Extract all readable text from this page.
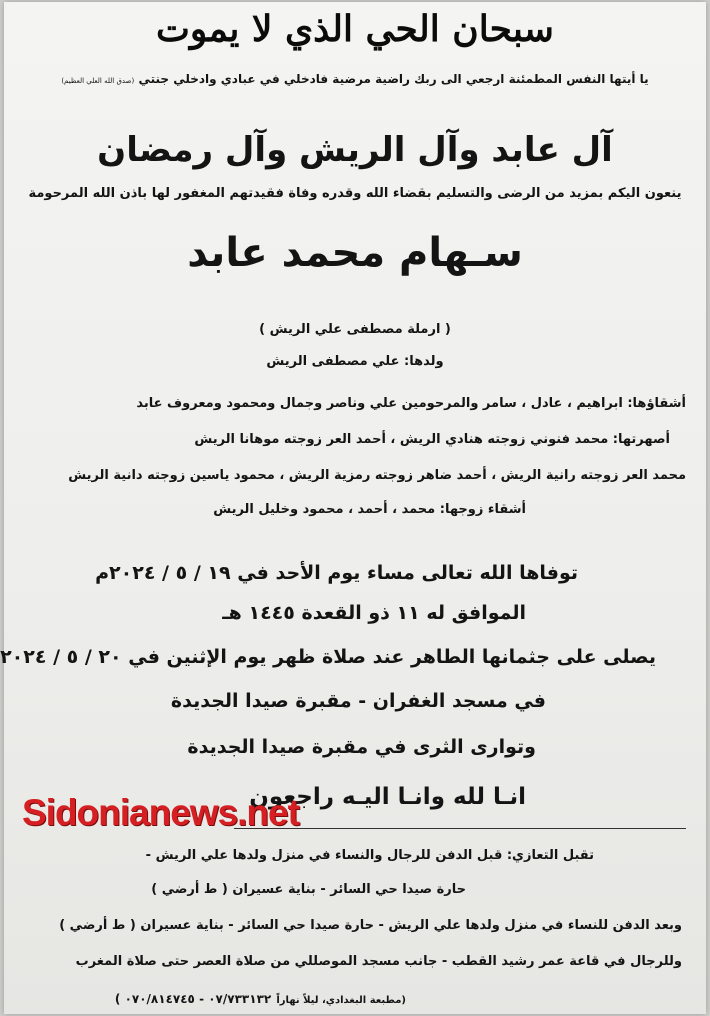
سبحان الحي الذي لا يموت
يا أيتها النفس المطمئنة ارجعي الى ربك راضية مرضية فادخلي في عبادي وادخلي جنتي (صدق الله العلي العظيم)
آل عابد وآل الريش وآل رمضان
ينعون اليكم بمزيد من الرضى والتسليم بقضاء الله وقدره وفاة فقيدتهم المغفور لها باذن الله المرحومة
سـهام محمد عابد
( ارملة مصطفى علي الريش )
ولدها: علي مصطفى الريش
أشقاؤها: ابراهيم ، عادل ، سامر والمرحومين علي وناصر وجمال ومحمود ومعروف عابد
أصهرتها: محمد فنوني زوجته هنادي الريش ، أحمد العر زوجته موهانا الريش
محمد العر زوجته رانية الريش ، أحمد ضاهر زوجته رمزية الريش ، محمود ياسين زوجته دانية الريش
أشقاء زوجها: محمد ، أحمد ، محمود وخليل الريش
توفاها الله تعالى مساء يوم الأحد في ١٩ / ٥ / ٢٠٢٤م
الموافق له ١١ ذو القعدة ١٤٤٥ هـ
يصلى على جثمانها الطاهر عند صلاة ظهر يوم الإثنين في ٢٠ / ٥ / ٢٠٢٤
في مسجد الغفران - مقبرة صيدا الجديدة
وتوارى الثرى في مقبرة صيدا الجديدة
انـا لله وانـا اليـه راجعون
Sidonianews.net
تقبل التعازي: قبل الدفن للرجال والنساء في منزل ولدها علي الريش -
حارة صيدا حي السائر - بناية عسيران ( ط أرضي )
وبعد الدفن للنساء في منزل ولدها علي الريش - حارة صيدا حي السائر - بناية عسيران ( ط أرضي )
وللرجال في قاعة عمر رشيد القطب - جانب مسجد الموصللي من صلاة العصر حتى صلاة المغرب
(مطبعة البغدادي، ليلاً نهاراً ٠٧/٧٣٣١٣٢ - ٠٧٠/٨١٤٧٤٥ )
